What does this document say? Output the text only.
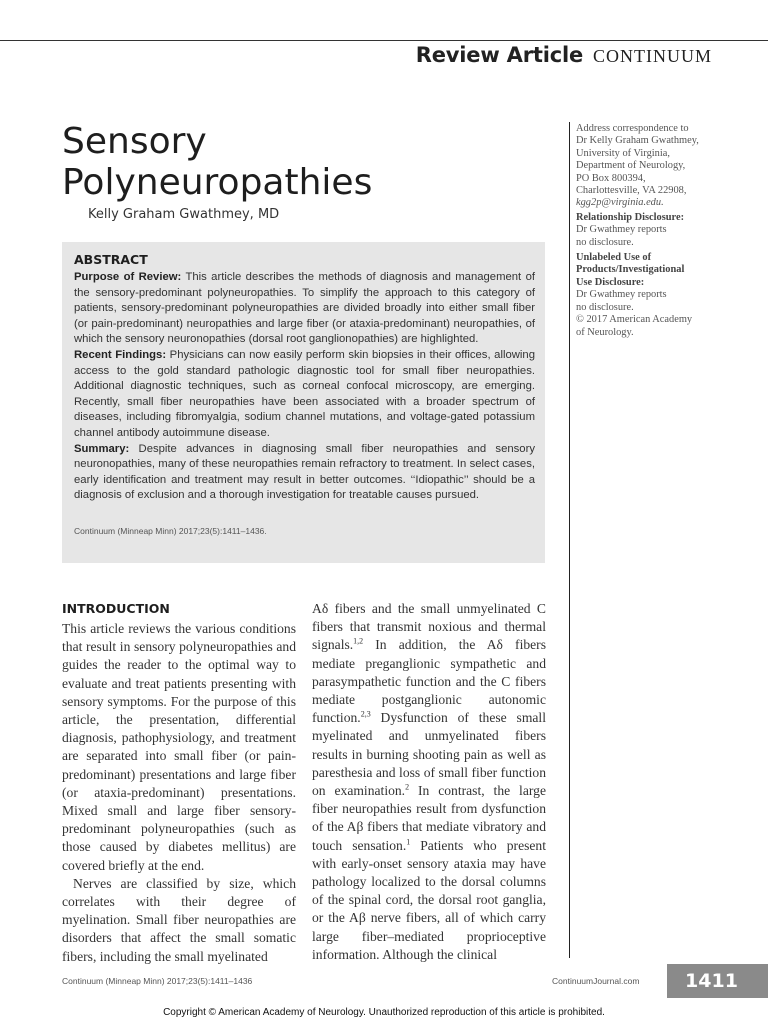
Review Article CONTINUUM
Sensory
Polyneuropathies
Kelly Graham Gwathmey, MD
Address correspondence to
Dr Kelly Graham Gwathmey,
University of Virginia,
Department of Neurology,
PO Box 800394,
Charlottesville, VA 22908,
kgg2p@virginia.edu.
Relationship Disclosure:
Dr Gwathmey reports
no disclosure.
Unlabeled Use of
Products/Investigational
Use Disclosure:
Dr Gwathmey reports
no disclosure.
© 2017 American Academy
of Neurology.
ABSTRACT

Purpose of Review: This article describes the methods of diagnosis and management of the sensory-predominant polyneuropathies. To simplify the approach to this category of patients, sensory-predominant polyneuropathies are divided broadly into either small fiber (or pain-predominant) neuropathies and large fiber (or ataxia-predominant) neuropathies, of which the sensory neuronopathies (dorsal root ganglionopathies) are highlighted.

Recent Findings: Physicians can now easily perform skin biopsies in their offices, allowing access to the gold standard pathologic diagnostic tool for small fiber neuropathies. Additional diagnostic techniques, such as corneal confocal microscopy, are emerging. Recently, small fiber neuropathies have been associated with a broader spectrum of diseases, including fibromyalgia, sodium channel mutations, and voltage-gated potassium channel antibody autoimmune disease.

Summary: Despite advances in diagnosing small fiber neuropathies and sensory neuronopathies, many of these neuropathies remain refractory to treatment. In select cases, early identification and treatment may result in better outcomes. ‘‘Idiopathic’’ should be a diagnosis of exclusion and a thorough investigation for treatable causes pursued.

Continuum (Minneap Minn) 2017;23(5):1411–1436.
INTRODUCTION

This article reviews the various conditions that result in sensory polyneuropathies and guides the reader to the optimal way to evaluate and treat patients presenting with sensory symptoms. For the purpose of this article, the presentation, differential diagnosis, pathophysiology, and treatment are separated into small fiber (or pain-predominant) presentations and large fiber (or ataxia-predominant) presentations. Mixed small and large fiber sensory-predominant polyneuropathies (such as those caused by diabetes mellitus) are covered briefly at the end.

Nerves are classified by size, which correlates with their degree of myelination. Small fiber neuropathies are disorders that affect the small somatic fibers, including the small myelinated

Aδ fibers and the small unmyelinated C fibers that transmit noxious and thermal signals.$^{1,2}$ In addition, the Aδ fibers mediate preganglionic sympathetic and parasympathetic function and the C fibers mediate postganglionic autonomic function.$^{2,3}$ Dysfunction of these small myelinated and unmyelinated fibers results in burning shooting pain as well as paresthesia and loss of small fiber function on examination.$^2$ In contrast, the large fiber neuropathies result from dysfunction of the Aβ fibers that mediate vibratory and touch sensation.$^1$ Patients who present with early-onset sensory ataxia may have pathology localized to the dorsal columns of the spinal cord, the dorsal root ganglia, or the Aβ nerve fibers, all of which carry large fiber–mediated proprioceptive information. Although the clinical

Continuum (Minneap Minn) 2017;23(5):1411–1436	ContinuumJournal.com 1411
Copyright © American Academy of Neurology. Unauthorized reproduction of this article is prohibited.
